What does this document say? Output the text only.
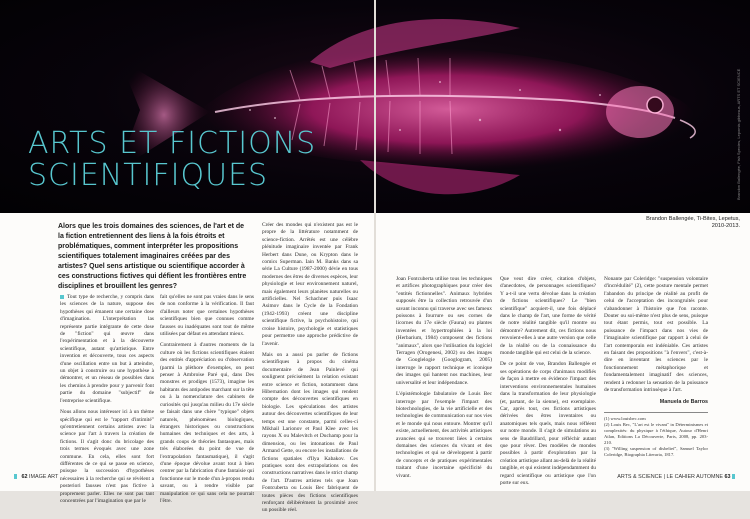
ARTS ET FICTIONS
SCIENTIFIQUES	Brandon Ballengée, Fish Species, Lepomis gibbosus, ARTS ET SCIENCE
Brandon Ballengée, Ti-Bites, Lepetus,
2010-2013.
Alors que les trois domaines des sciences, de l'art et de la fiction entretiennent des liens à la fois étroits et problématiques, comment interpréter les propositions scientifiques totalement imaginaires créées par des artistes? Quel sens artistique ou scientifique accorder à ces constructions fictives qui défient les frontières entre disciplines et brouillent les genres?

Tout type de recherche, y compris dans les sciences de la nature, suppose des hypothèses qui émanent une certaine dose d'imagination. L'interprétation las représente partie intégrante de cette dose de "fiction" qui œuvre dans l'expérimentation et à la découverte scientifique, autant qu'artistique. Entre invention et découverte, tous ces aspects d'une oscillation entre un but à atteindre, un objet à construire ou une hypothèse à démontrer, et un réseau de possibles dans les chemins à prendre pour y parvenir font partie du domaine "subjectif" de l'entreprise scientifique.

Nous allons nous intéresser ici à un thème spécifique qui est le "rapport d'intimité" qu'entretiennent certains artistes avec la science par l'art à travers la création de fictions. Il s'agit donc du bricolage des trois termes évoqués avec une zone commune. En cela, elles sont fort différentes de ce qui se passe en science, puisque la succession d'hypothèses nécessaires à la recherche qui se révèlent a posteriori fausses n'est pas fictive à proprement parler. Elles ne sont pas tant concentrées par l'imagination que par le

fait qu'elles ne sont pas vraies dans le sens de non conforme à la vérification. Il faut d'ailleurs noter que certaines hypothèses scientifiques bien que connues comme fausses ou inadéquates sont tout de même utilisées par défaut en attendant mieux.

Contrairement à d'autres moments de la culture où les fictions scientifiques étaient des entités d'appréciation ou d'observation (parmi la plèthore d'exemples, on peut penser à Ambroise Paré qui, dans Des monstres et prodiges (1573), imagine les habitants des antipodes marchant sur la tête ou à la nomenclature des cabinets de curiosités qui jusqu'au milieu du 17e siècle se faisait dans une chère "typique" objets naturels, phénomènes biologiques, étrangers historiques ou constructions humaines des techniques et des arts, à grands coups de théories fantasques, mais très élaborées du point de vue de l'extrapolation fantasmatique), il s'agit d'une époque dévolue avant tout à bien centrer par la fabrication d'une fantaisie qui fonctionne sur le mode d'un à-propos rendu savant, ou à rendre visible par manipulation ce qui sans cela ne pourrait l'être.

Créer des mondes qui n'existent pas est le propre de la littérature notamment de science-fiction. Arrêtés est une célèbre plénitude imaginaire inventée par Frank Herbert dans Dune, ou Krypton dans le comics Superman. Iain M. Banks dans sa série La Culture (1987-2000) dévie en tous modernes des êtres de diverses espèces, leur physiologie et leur environnement naturel, mais également leurs planètes naturelles ou artificielles. Nel Schachner puis Isaac Asimov dans le Cycle de la Fondation (1942-1993) créent une discipline scientifique fictive, la psychohistoire, qui croise histoire, psychologie et statistiques pour permettre une approche prédictive de l'avenir.

Mais on a aussi pu parler de fictions scientifiques à propos du cinéma documentaire de Jean Painlevé qui soulignent précisément la relation existant entre science et fiction, notamment dans Hibernation dont les images qui rendent compte des découvertes scientifiques en biologie. Les spéculations des artistes autour des découvertes scientifiques de leur temps est une constante, parmi celles-ci Mikhail Larionov et Paul Klee avec les rayons X ou Malevitch et Duchamp pour la dimension, ou les intonations de Paul Armand Gette, ou encore les installations de fictions spatiales d'Ilya Kabakov. Ces pratiques sont des extrapolations ou des constructions narratives dans le strict champ de l'art. D'autres artistes tels que Joan Fontcuberta ou Louis Bec fabriquent de toutes pièces des fictions scientifiques renforçant délibérément la proximité avec un possible réel.

Joan Fontcuberta utilise tous les techniques et artifices photographiques pour créer des "entités fictionnelles". Animaux hybrides supposés être la collection retrouvée d'un savant inconnu qui traverse avec ses fameux poissons à fourrure ou ses cornes de licornes du 17e siècle (Fauna) ou plantes inventées et hypertrophiées à la loi (Herbarium, 1984) composent des fictions "animaux", alors que l'utilisation du logiciel Terragen (Orogenesi, 2002) ou des images de Googlelogie (Googlogram, 2005) interroge le rapport technique et iconique des images qui hantent nos machines, leur universalité et leur indépendance.

L'épistémologie fabulatoire de Louis Bec interroge par l'exemple l'impact des biotechnologies, de la vie artificielle et des technologies de communication sur nos vies et le monde qui nous entoure. Montrer qu'il existe, actuellement, des activités artistiques avancées qui se trouvent liées à certains domaines des sciences du vivant et des technologies et qui se développent à partir de concepts et de pratiques expérimentales traitant d'une incertaine spécificité du vivant.

Que veut dire créer, citation d'objets, d'anecdotes, de personnages scientifiques? Y a-t-il une vertu dévolue dans la création de fictions scientifiques? Le "bien scientifique" acquiert-il, une fois déplacé dans le champ de l'art, une forme de vérité de notre réalité tangible qu'il montre ou démontre? Autrement dit, ces fictions nous renvoient-elles à une autre version que celle de la réalité ou de la connaissance du monde tangible qui est celui de la science.

De ce point de vue, Brandon Ballengée et ses opérations de corps d'animaux modifiés de façon à mettre en évidence l'impact des interventions environnementales humaines dans la transformation de leur physiologie (et, partant, de la sienne), est exemplaire. Car, après tout, ces fictions artistiques dérivées des êtres inventaires ou anatomiques tels quels, mais nous réfléent sur notre monde. Il s'agit de simulations au sens de Baudrillard, pour réfléchir autant que pour rêver. Des modèles de mondes possibles à partir d'exploration par la création artistique allant au-delà de la réalité tangible, et qui existent indépendamment du regard scientifique ou artistique que l'on porte sur eux.

Nonante par Coleridge: "suspension volontaire d'incrédulité" (2), cette posture mentale permet l'abandon du principe de réalité au profit de celui de l'acceptation des incongruités pour s'abandonner à l'histoire que l'on raconte. Douter ou soi-même n'est plus de sens, puisque tout étant permis, tout est possible. La puissance de l'impact dans nos vies de l'imaginaire scientifique par rapport à celui de l'art contemporain est indéniable. Ces artistes en faisant des propositions "à l'envers", c'est-à-dire en inventant les sciences par le fonctionnement métaphorique et fondamentalement imaginatif des sciences, rendent à redonner la sensation de la puissance de transformation intrinsèque à l'art.

Manuela de Barros
(1) www.louisbec.com
(2) Louis Bec, "L'art est le vivant" in Déterminismes et complexités: du physique à l'éthique, Autour d'Henri Atlan, Editions La Découverte, Paris, 2008, pp. 203-210.
(3) "Willing suspension of disbelief", Samuel Taylor Coleridge, Biographia Literaria, 1817.
62 IMAGE ART	ARTS & SCIENCE | LE CAHIER AUTOMNE 63
